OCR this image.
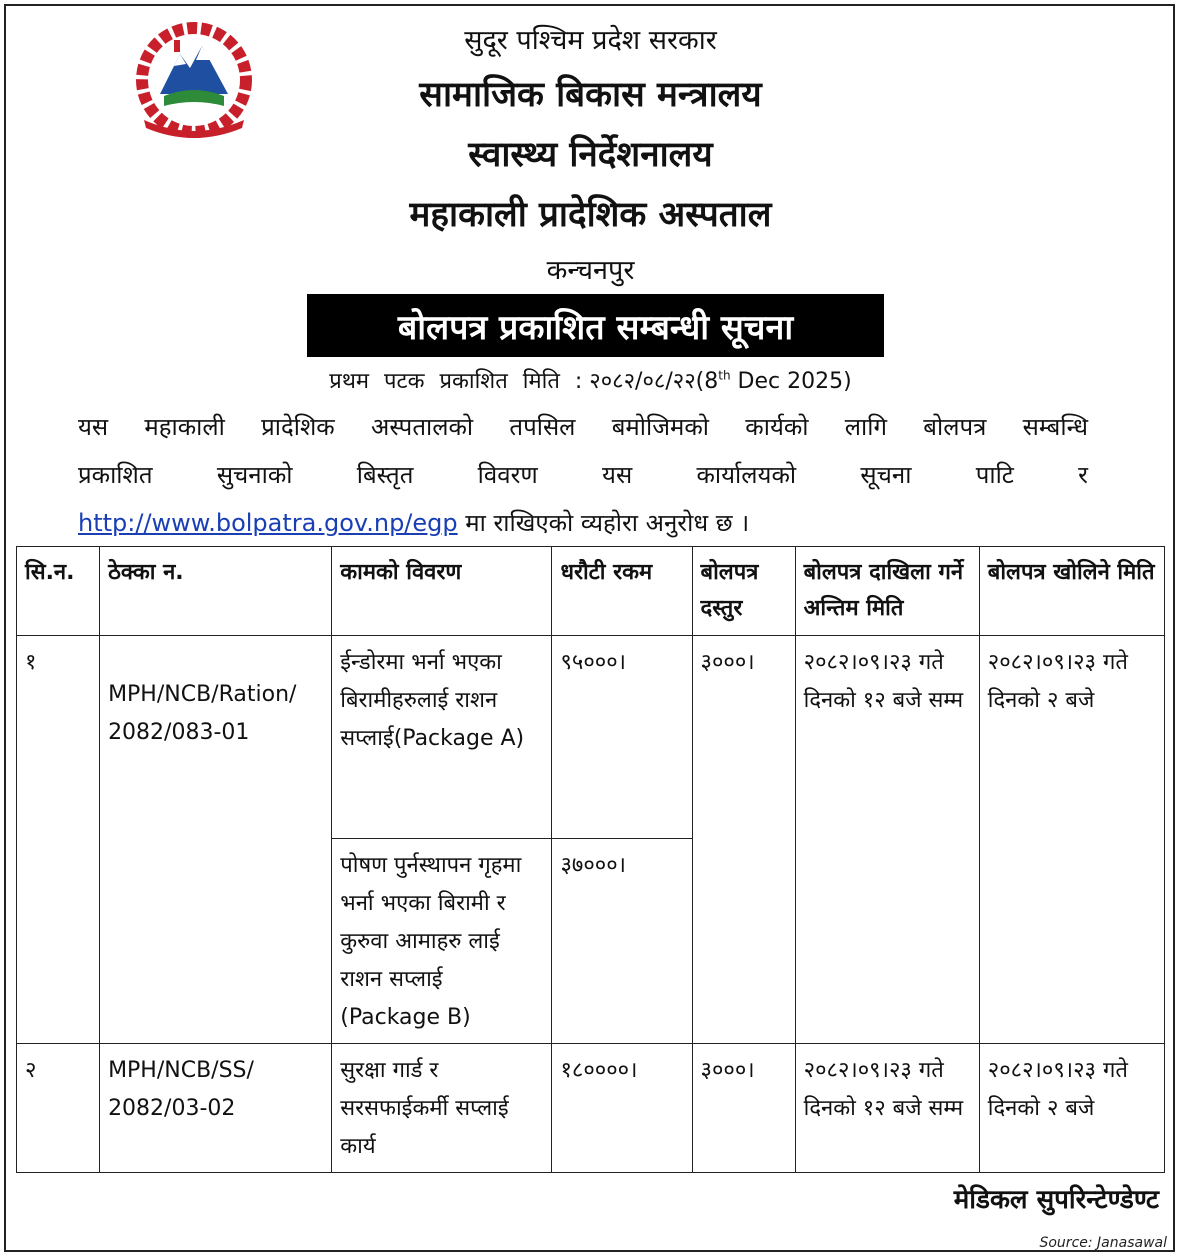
सुदूर पश्चिम प्रदेश सरकार
सामाजिक बिकास मन्त्रालय
स्वास्थ्य निर्देशनालय
महाकाली प्रादेशिक अस्पताल
कन्चनपुर
बोलपत्र प्रकाशित सम्बन्धी सूचना
प्रथम पटक प्रकाशित मिति : २०८२/०८/२२(8th Dec 2025)
यस महाकाली प्रादेशिक अस्पतालको तपसिल बमोजिमको कार्यको लागि बोलपत्र सम्बन्धि
प्रकाशित सुचनाको बिस्तृत विवरण यस कार्यालयको सूचना पाटि र
http://www.bolpatra.gov.np/egp मा राखिएको व्यहोरा अनुरोध छ ।
सि.न.	ठेक्का न.	कामको विवरण	धरौटी रकम	बोलपत्र दस्तुर	बोलपत्र दाखिला गर्ने अन्तिम मिति	बोलपत्र खोलिने मिति
१	MPH/NCB/Ration/ 2082/083-01	ईन्डोरमा भर्ना भएका बिरामीहरुलाई राशन सप्लाई(Package A)	९५०००।	३०००।	२०८२।०९।२३ गते दिनको १२ बजे सम्म	२०८२।०९।२३ गते दिनको २ बजे
		पोषण पुर्नस्थापन गृहमा भर्ना भएका बिरामी र कुरुवा आमाहरु लाई राशन सप्लाई (Package B)	३७०००।			
२	MPH/NCB/SS/ 2082/03-02	सुरक्षा गार्ड र सरसफाईकर्मी सप्लाई कार्य	१८००००।	३०००।	२०८२।०९।२३ गते दिनको १२ बजे सम्म	२०८२।०९।२३ गते दिनको २ बजे
मेडिकल सुपरिन्टेण्डेण्ट
Source: Janasawal
